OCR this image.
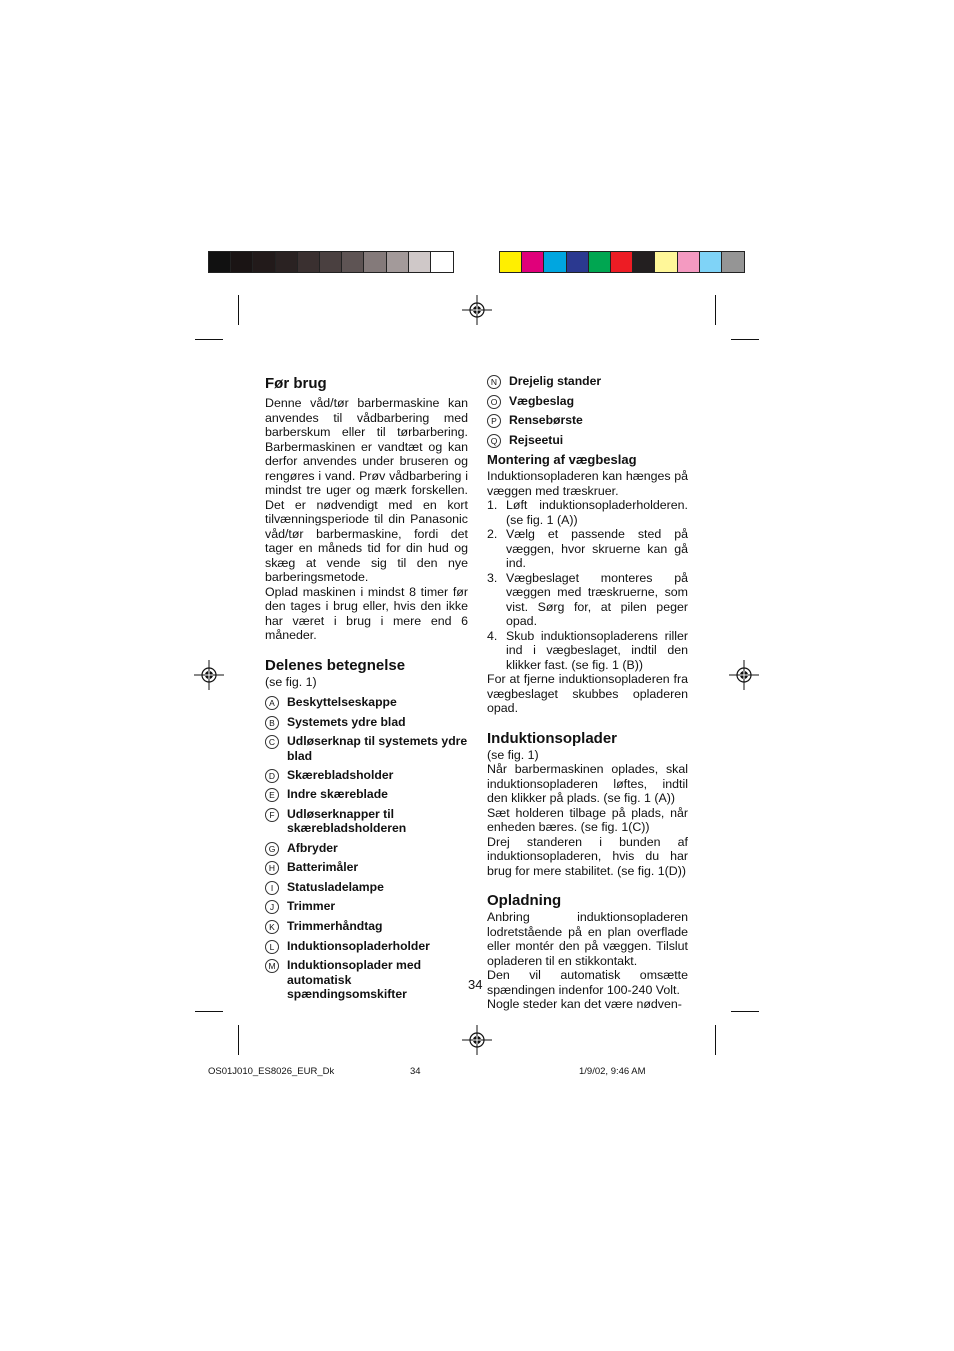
Før brug

Denne våd/tør barbermaskine kan anvendes til vådbarbering med barberskum eller til tørbarbering. Barbermaskinen er vandtæt og kan derfor anvendes under bruseren og rengøres i vand. Prøv vådbarbering i mindst tre uger og mærk forskellen. Det er nødvendigt med en kort tilvænningsperiode til din Panasonic våd/tør barbermaskine, fordi det tager en måneds tid for din hud og skæg at vende sig til den nye barberingsmetode.

Oplad maskinen i mindst 8 timer før den tages i brug eller, hvis den ikke har været i brug i mere end 6 måneder.

Delenes betegnelse
(se fig. 1)
A Beskyttelseskappe
B Systemets ydre blad
C Udløserknap til systemets ydre blad
D Skærebladsholder
E Indre skæreblade
F	Udløserknapper til skærebladsholderen
G Afbryder
H Batterimåler
I	Statusladelampe
J	Trimmer
K Trimmerhåndtag
L	Induktionsopladerholder
M Induktionsoplader med automatisk spændingsomskifter
N Drejelig stander
O Vægbeslag
P Rensebørste
Q Rejseetui
Montering af vægbeslag

Induktionsopladeren kan hænges på væggen med træskruer.

1. Løft induktionsopladerholderen. (se fig. 1 (A))
2. Vælg et passende sted på væggen, hvor skruerne kan gå ind.
3. Vægbeslaget monteres på væggen med træskruerne, som vist. Sørg for, at pilen peger opad.
4. Skub induktionsopladerens riller ind i vægbeslaget, indtil den klikker fast. (se fig. 1 (B))

For at fjerne induktionsopladeren fra vægbeslaget skubbes opladeren opad.

Induktionsoplader
(se fig. 1)

Når barbermaskinen oplades, skal induktionsopladeren løftes, indtil den klikker på plads. (se fig. 1 (A))

Sæt holderen tilbage på plads, når enheden bæres. (se fig. 1(C))

Drej standeren i bunden af induktionsopladeren, hvis du har brug for mere stabilitet. (se fig. 1(D))

Opladning

Anbring induktionsopladeren lodretstående på en plan overflade eller montér den på væggen. Tilslut opladeren til en stikkontakt.

Den vil automatisk omsætte spændingen indenfor 100-240 Volt.

Nogle steder kan det være nødven-

34
OS01J010_ES8026_EUR_Dk	34	1/9/02, 9:46 AM
